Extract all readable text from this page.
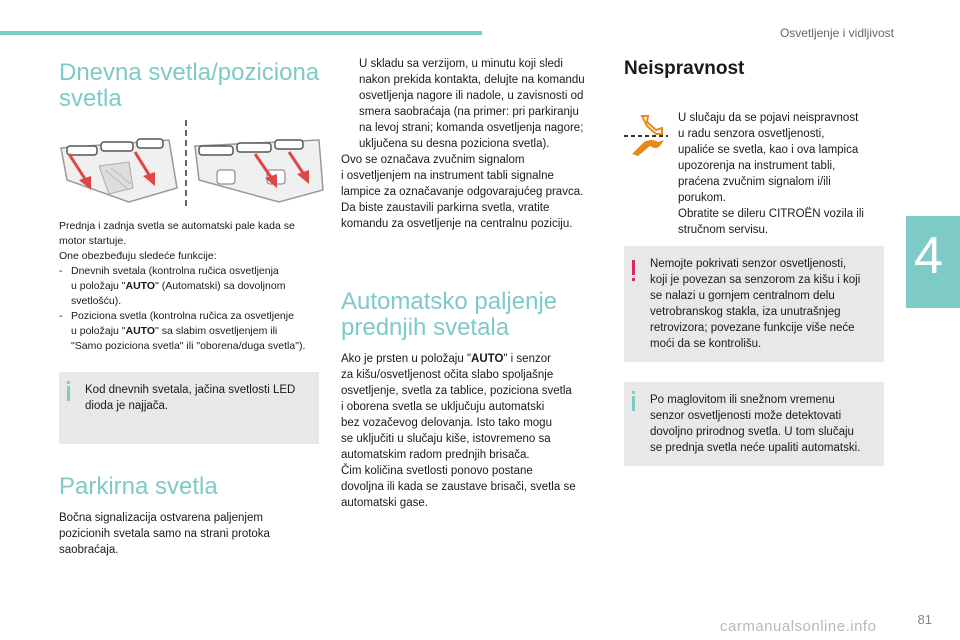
Osvetljenje i vidljivost
4
Dnevna svetla/poziciona
svetla

Prednja i zadnja svetla se automatski pale kada se

motor startuje.

One obezbeđuju sledeće funkcije:

- Dnevnih svetala (kontrolna ručica osvetljenja

u položaju "AUTO" (Automatski) sa dovoljnom

svetlošću).

- Poziciona svetla (kontrolna ručica za osvetljenje

u položaju "AUTO" sa slabim osvetljenjem ili

"Samo poziciona svetla" ili "oborena/duga svetla").

Kod dnevnih svetala, jačina svetlosti LED

dioda je najjača.

Parkirna svetla

Bočna signalizacija ostvarena paljenjem

pozicionih svetala samo na strani protoka

saobraćaja.

U skladu sa verzijom, u minutu koji sledi

nakon prekida kontakta, delujte na komandu

osvetljenja nagore ili nadole, u zavisnosti od

smera saobraćaja (na primer: pri parkiranju

na levoj strani; komanda osvetljenja nagore;

uključena su desna poziciona svetla).

Ovo se označava zvučnim signalom

i osvetljenjem na instrument tabli signalne

lampice za označavanje odgovarajućeg pravca.

Da biste zaustavili parkirna svetla, vratite

komandu za osvetljenje na centralnu poziciju.

Automatsko paljenje
prednjih svetala

Ako je prsten u položaju "AUTO" i senzor

za kišu/osvetljenost očita slabo spoljašnje

osvetljenje, svetla za tablice, poziciona svetla

i oborena svetla se uključuju automatski

bez vozačevog delovanja. Isto tako mogu

se uključiti u slučaju kiše, istovremeno sa

automatskim radom prednjih brisača.

Čim količina svetlosti ponovo postane

dovoljna ili kada se zaustave brisači, svetla se

automatski gase.

Neispravnost

U slučaju da se pojavi neispravnost

u radu senzora osvetljenosti,

upaliće se svetla, kao i ova lampica

upozorenja na instrument tabli,

praćena zvučnim signalom i/ili

porukom.

Obratite se dileru CITROËN vozila ili

stručnom servisu.

Nemojte pokrivati senzor osvetljenosti,

koji je povezan sa senzorom za kišu i koji

se nalazi u gornjem centralnom delu

vetrobranskog stakla, iza unutrašnjeg

retrovizora; povezane funkcije više neće

moći da se kontrolišu.

Po maglovitom ili snežnom vremenu

senzor osvetljenosti može detektovati

dovoljno prirodnog svetla. U tom slučaju

se prednja svetla neće upaliti automatski.

81
carmanualsonline.info
